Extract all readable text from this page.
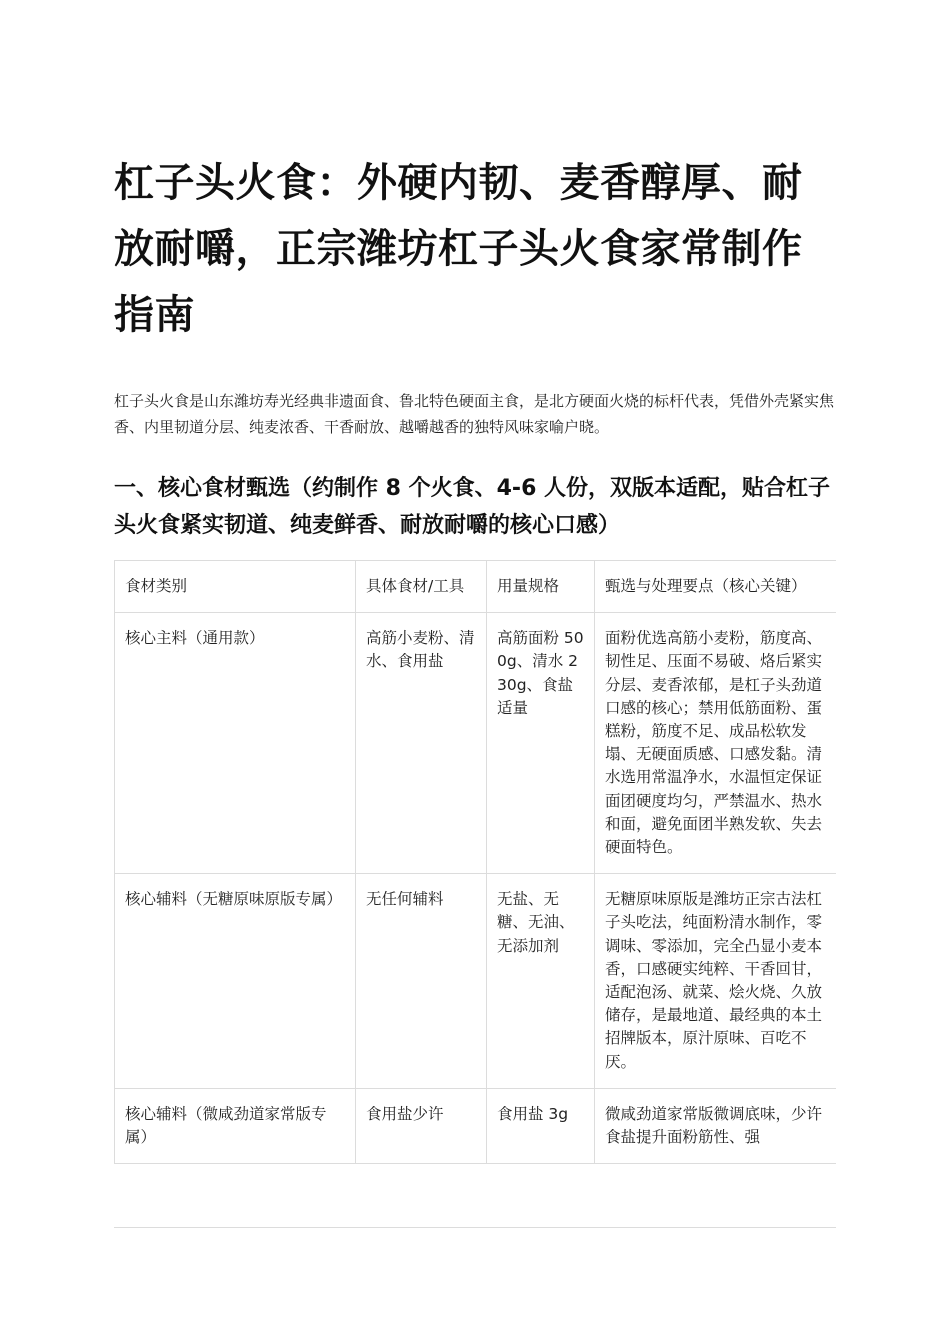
杠子头火食：外硬内韧、麦香醇厚、耐放耐嚼，正宗潍坊杠子头火食家常制作指南

杠子头火食是山东潍坊寿光经典非遗面食、鲁北特色硬面主食，是北方硬面火烧的标杆代表，凭借外壳紧实焦香、内里韧道分层、纯麦浓香、干香耐放、越嚼越香的独特风味家喻户晓。

一、核心食材甄选（约制作 8 个火食、4-6 人份，双版本适配，贴合杠子头火食紧实韧道、纯麦鲜香、耐放耐嚼的核心口感）
食材类别	具体食材/工具	用量规格	甄选与处理要点（核心关键）
核心主料（通用款）	高筋小麦粉、清水、食用盐	高筋面粉 500g、清水 230g、食盐适量	面粉优选高筋小麦粉，筋度高、韧性足、压面不易破、烙后紧实分层、麦香浓郁，是杠子头劲道口感的核心；禁用低筋面粉、蛋糕粉，筋度不足、成品松软发塌、无硬面质感、口感发黏。清水选用常温净水，水温恒定保证面团硬度均匀，严禁温水、热水和面，避免面团半熟发软、失去硬面特色。
核心辅料（无糖原味原版专属）	无任何辅料	无盐、无糖、无油、无添加剂	无糖原味原版是潍坊正宗古法杠子头吃法，纯面粉清水制作，零调味、零添加，完全凸显小麦本香，口感硬实纯粹、干香回甘，适配泡汤、就菜、烩火烧、久放储存，是最地道、最经典的本土招牌版本，原汁原味、百吃不厌。
核心辅料（微咸劲道家常版专属）	食用盐少许	食用盐 3g	微咸劲道家常版微调底味，少许食盐提升面粉筋性、强
